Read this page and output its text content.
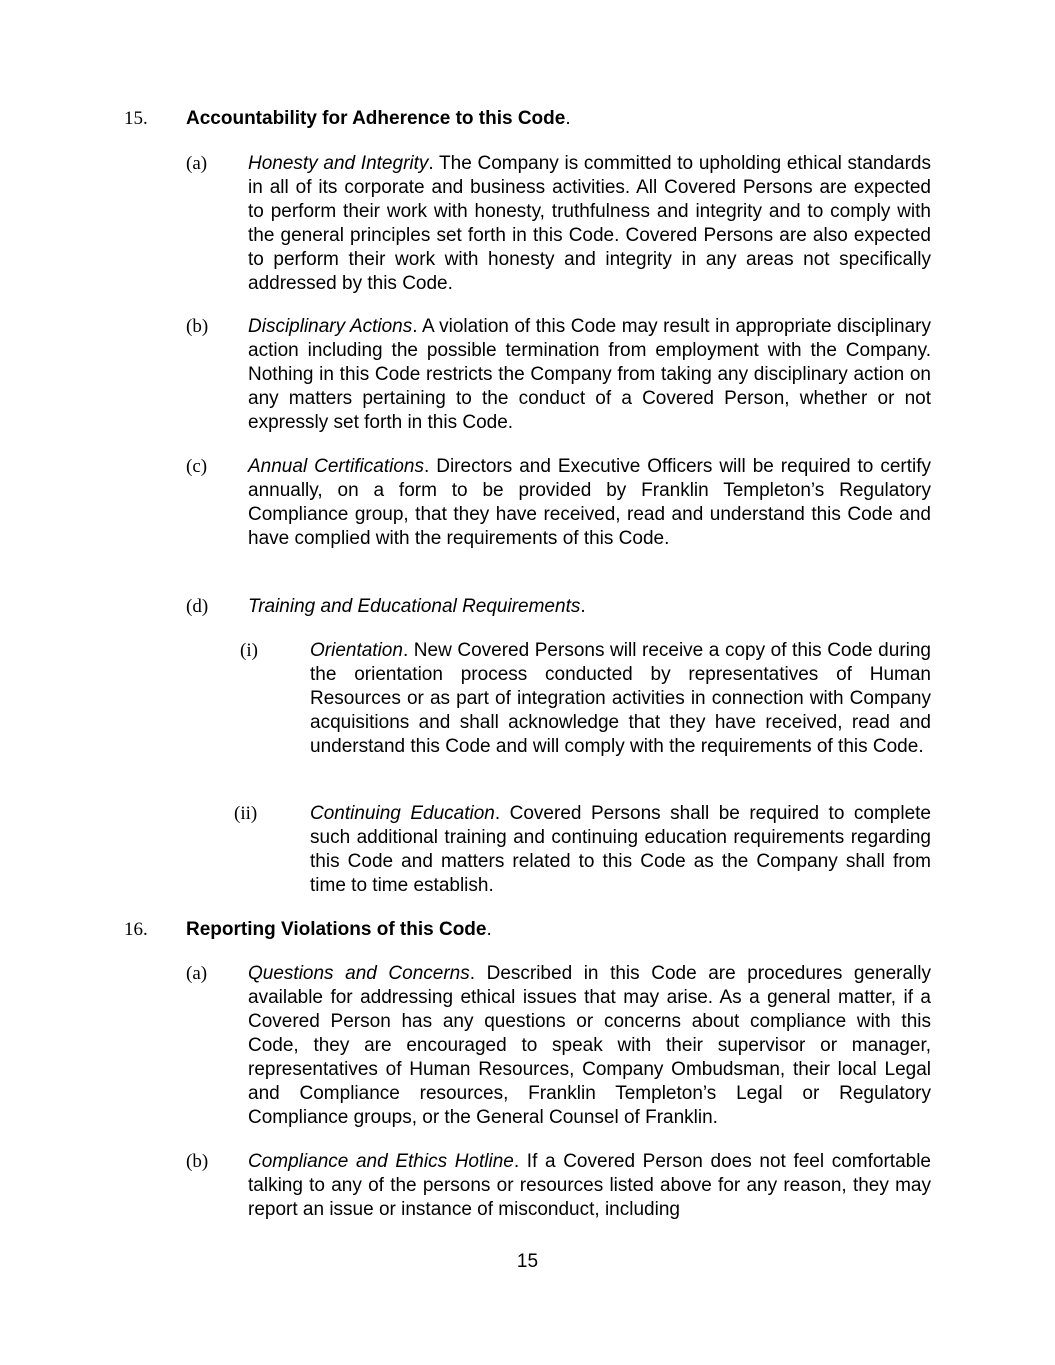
15. Accountability for Adherence to this Code.
(a) Honesty and Integrity. The Company is committed to upholding ethical standards in all of its corporate and business activities. All Covered Persons are expected to perform their work with honesty, truthfulness and integrity and to comply with the general principles set forth in this Code. Covered Persons are also expected to perform their work with honesty and integrity in any areas not specifically addressed by this Code.
(b) Disciplinary Actions. A violation of this Code may result in appropriate disciplinary action including the possible termination from employment with the Company. Nothing in this Code restricts the Company from taking any disciplinary action on any matters pertaining to the conduct of a Covered Person, whether or not expressly set forth in this Code.
(c) Annual Certifications. Directors and Executive Officers will be required to certify annually, on a form to be provided by Franklin Templeton’s Regulatory Compliance group, that they have received, read and understand this Code and have complied with the requirements of this Code.
(d) Training and Educational Requirements.
(i)	Orientation. New Covered Persons will receive a copy of this Code during the orientation process conducted by representatives of Human Resources or as part of integration activities in connection with Company acquisitions and shall acknowledge that they have received, read and understand this Code and will comply with the requirements of this Code.
(ii)	Continuing Education. Covered Persons shall be required to complete such additional training and continuing education requirements regarding this Code and matters related to this Code as the Company shall from time to time establish.
16. Reporting Violations of this Code.
(a) Questions and Concerns. Described in this Code are procedures generally available for addressing ethical issues that may arise. As a general matter, if a Covered Person has any questions or concerns about compliance with this Code, they are encouraged to speak with their supervisor or manager, representatives of Human Resources, Company Ombudsman, their local Legal and Compliance resources, Franklin Templeton’s Legal or Regulatory Compliance groups, or the General Counsel of Franklin.
(b) Compliance and Ethics Hotline. If a Covered Person does not feel comfortable talking to any of the persons or resources listed above for any reason, they may report an issue or instance of misconduct, including
15
